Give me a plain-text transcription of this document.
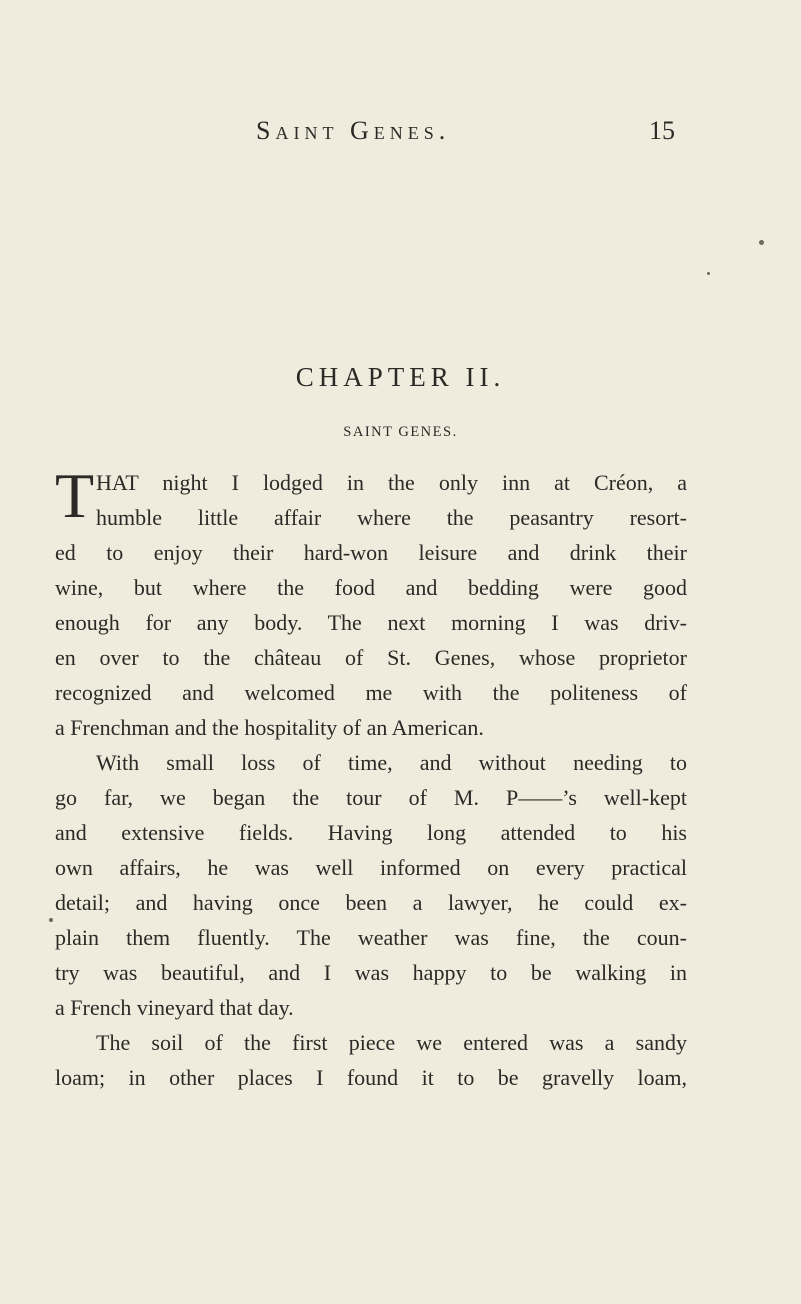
Saint Genes.	15
CHAPTER II.
SAINT GENES.
T HAT night I lodged in the only inn at Créon, a
humble little affair where the peasantry resort-
ed to enjoy their hard-won leisure and drink their
wine, but where the food and bedding were good
enough for any body. The next morning I was driv-
en over to the château of St. Genes, whose proprietor
recognized and welcomed me with the politeness of
a Frenchman and the hospitality of an American.
With small loss of time, and without needing to
go far, we began the tour of M. P——’s well-kept
and extensive fields. Having long attended to his
own affairs, he was well informed on every practical
detail; and having once been a lawyer, he could ex-
plain them fluently. The weather was fine, the coun-
try was beautiful, and I was happy to be walking in
a French vineyard that day.
The soil of the first piece we entered was a sandy
loam; in other places I found it to be gravelly loam,
